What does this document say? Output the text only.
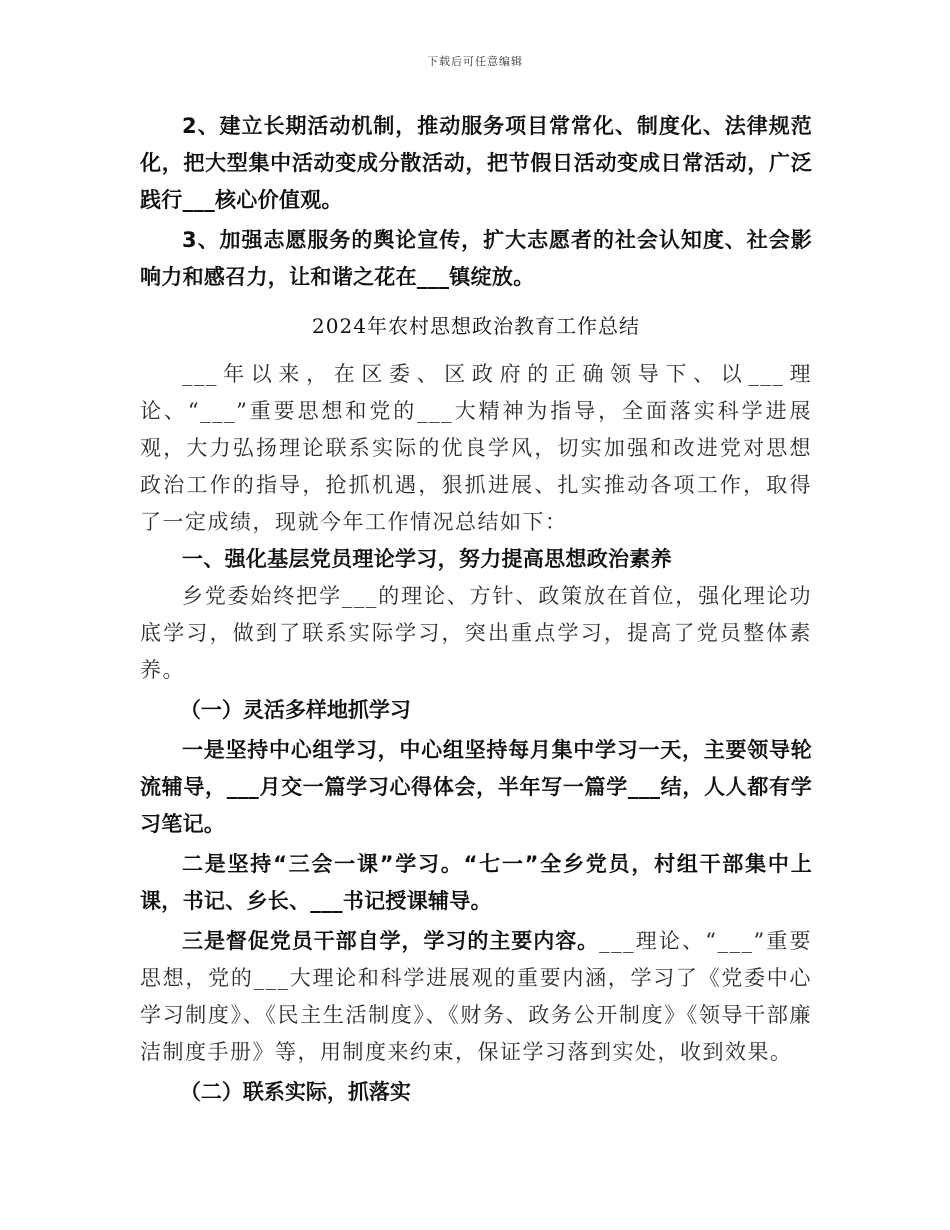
下载后可任意编辑

2、建立长期活动机制，推动服务项目常常化、制度化、法律规范化，把大型集中活动变成分散活动，把节假日活动变成日常活动，广泛践行___核心价值观。

3、加强志愿服务的舆论宣传，扩大志愿者的社会认知度、社会影响力和感召力，让和谐之花在___镇绽放。

2024年农村思想政治教育工作总结

___年以来，在区委、区政府的正确领导下、以___理论、“___”重要思想和党的___大精神为指导，全面落实科学进展观，大力弘扬理论联系实际的优良学风，切实加强和改进党对思想政治工作的指导，抢抓机遇，狠抓进展、扎实推动各项工作，取得了一定成绩，现就今年工作情况总结如下：

一、强化基层党员理论学习，努力提高思想政治素养

乡党委始终把学___的理论、方针、政策放在首位，强化理论功底学习，做到了联系实际学习，突出重点学习，提高了党员整体素养。

（一）灵活多样地抓学习

一是坚持中心组学习，中心组坚持每月集中学习一天，主要领导轮流辅导，___月交一篇学习心得体会，半年写一篇学___结，人人都有学习笔记。

二是坚持“三会一课”学习。“七一”全乡党员，村组干部集中上课，书记、乡长、___书记授课辅导。

三是督促党员干部自学，学习的主要内容。___理论、“___”重要思想，党的___大理论和科学进展观的重要内涵，学习了《党委中心学习制度》、《民主生活制度》、《财务、政务公开制度》《领导干部廉洁制度手册》等，用制度来约束，保证学习落到实处，收到效果。

（二）联系实际，抓落实
